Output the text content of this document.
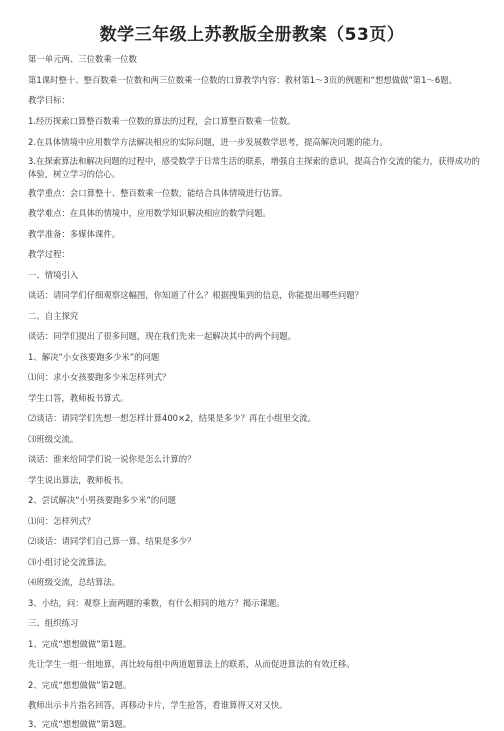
数学三年级上苏教版全册教案（53页）
第一单元两、三位数乘一位数
第1课时整十、整百数乘一位数和两三位数乘一位数的口算教学内容：教材第1～3页的例题和“想想做做”第1～6题。
教学目标：
1.经历探索口算整百数乘一位数的算法的过程，会口算整百数乘一位数。
2.在具体情境中应用数学方法解决相应的实际问题，进一步发展数学思考，提高解决问题的能力。
3.在探索算法和解决问题的过程中，感受数学于日常生活的联系，增强自主探索的意识，提高合作交流的能力，获得成功的体验，树立学习的信心。
教学重点：会口算整十、整百数乘一位数，能结合具体情境进行估算。
教学难点：在具体的情境中，应用数学知识解决相应的数学问题。
教学准备：多媒体课件。
教学过程：
一、情境引入
谈话：请同学们仔细观察这幅图，你知道了什么？根据搜集到的信息，你能提出哪些问题？
二、自主探究
谈话：同学们提出了很多问题，现在我们先来一起解决其中的两个问题。
1、解决“小女孩要跑多少米”的问题
⑴问：求小女孩要跑多少米怎样列式？
学生口答，教师板书算式。
⑵谈话：请同学们先想一想怎样计算400×2，结果是多少？再在小组里交流。
⑶班级交流。
谈话：谁来给同学们说一说你是怎么计算的？
学生说出算法，教师板书。
2、尝试解决“小男孩要跑多少米”的问题
⑴问：怎样列式？
⑵谈话：请同学们自己算一算、结果是多少？
⑶小组讨论交流算法。
⑷班级交流，总结算法。
3、小结，问：观察上面两题的乘数，有什么相同的地方？揭示课题。
三、组织练习
1、完成“想想做做”第1题。
先让学生一组一组地算，再比较每组中两道题算法上的联系，从而促进算法的有效迁移。
2、完成“想想做做”第2题。
教师出示卡片指名回答，再移动卡片，学生抢答，看谁算得又对又快。
3、完成“想想做做”第3题。
